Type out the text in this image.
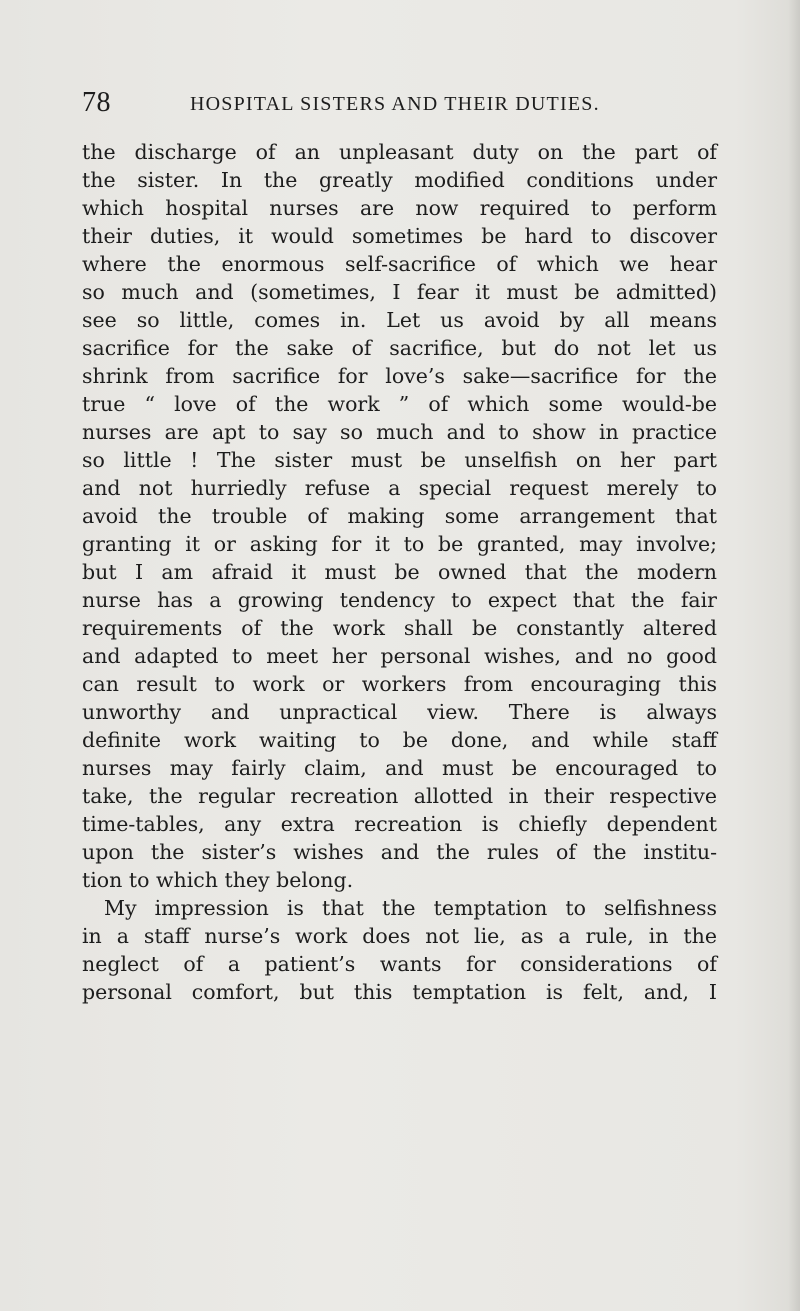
78	HOSPITAL SISTERS AND THEIR DUTIES.
the discharge of an unpleasant duty on the part of
the sister. In the greatly modified conditions under
which hospital nurses are now required to perform
their duties, it would sometimes be hard to discover
where the enormous self-sacrifice of which we hear
so much and (sometimes, I fear it must be admitted)
see so little, comes in. Let us avoid by all means
sacrifice for the sake of sacrifice, but do not let us
shrink from sacrifice for love’s sake—sacrifice for the
true “ love of the work ” of which some would-be
nurses are apt to say so much and to show in practice
so little ! The sister must be unselfish on her part
and not hurriedly refuse a special request merely to
avoid the trouble of making some arrangement that
granting it or asking for it to be granted, may involve;
but I am afraid it must be owned that the modern
nurse has a growing tendency to expect that the fair
requirements of the work shall be constantly altered
and adapted to meet her personal wishes, and no good
can result to work or workers from encouraging this
unworthy and unpractical view. There is always
definite work waiting to be done, and while staff
nurses may fairly claim, and must be encouraged to
take, the regular recreation allotted in their respective
time-tables, any extra recreation is chiefly dependent
upon the sister’s wishes and the rules of the institu-
tion to which they belong.
My impression is that the temptation to selfishness
in a staff nurse’s work does not lie, as a rule, in the
neglect of a patient’s wants for considerations of
personal comfort, but this temptation is felt, and, I
